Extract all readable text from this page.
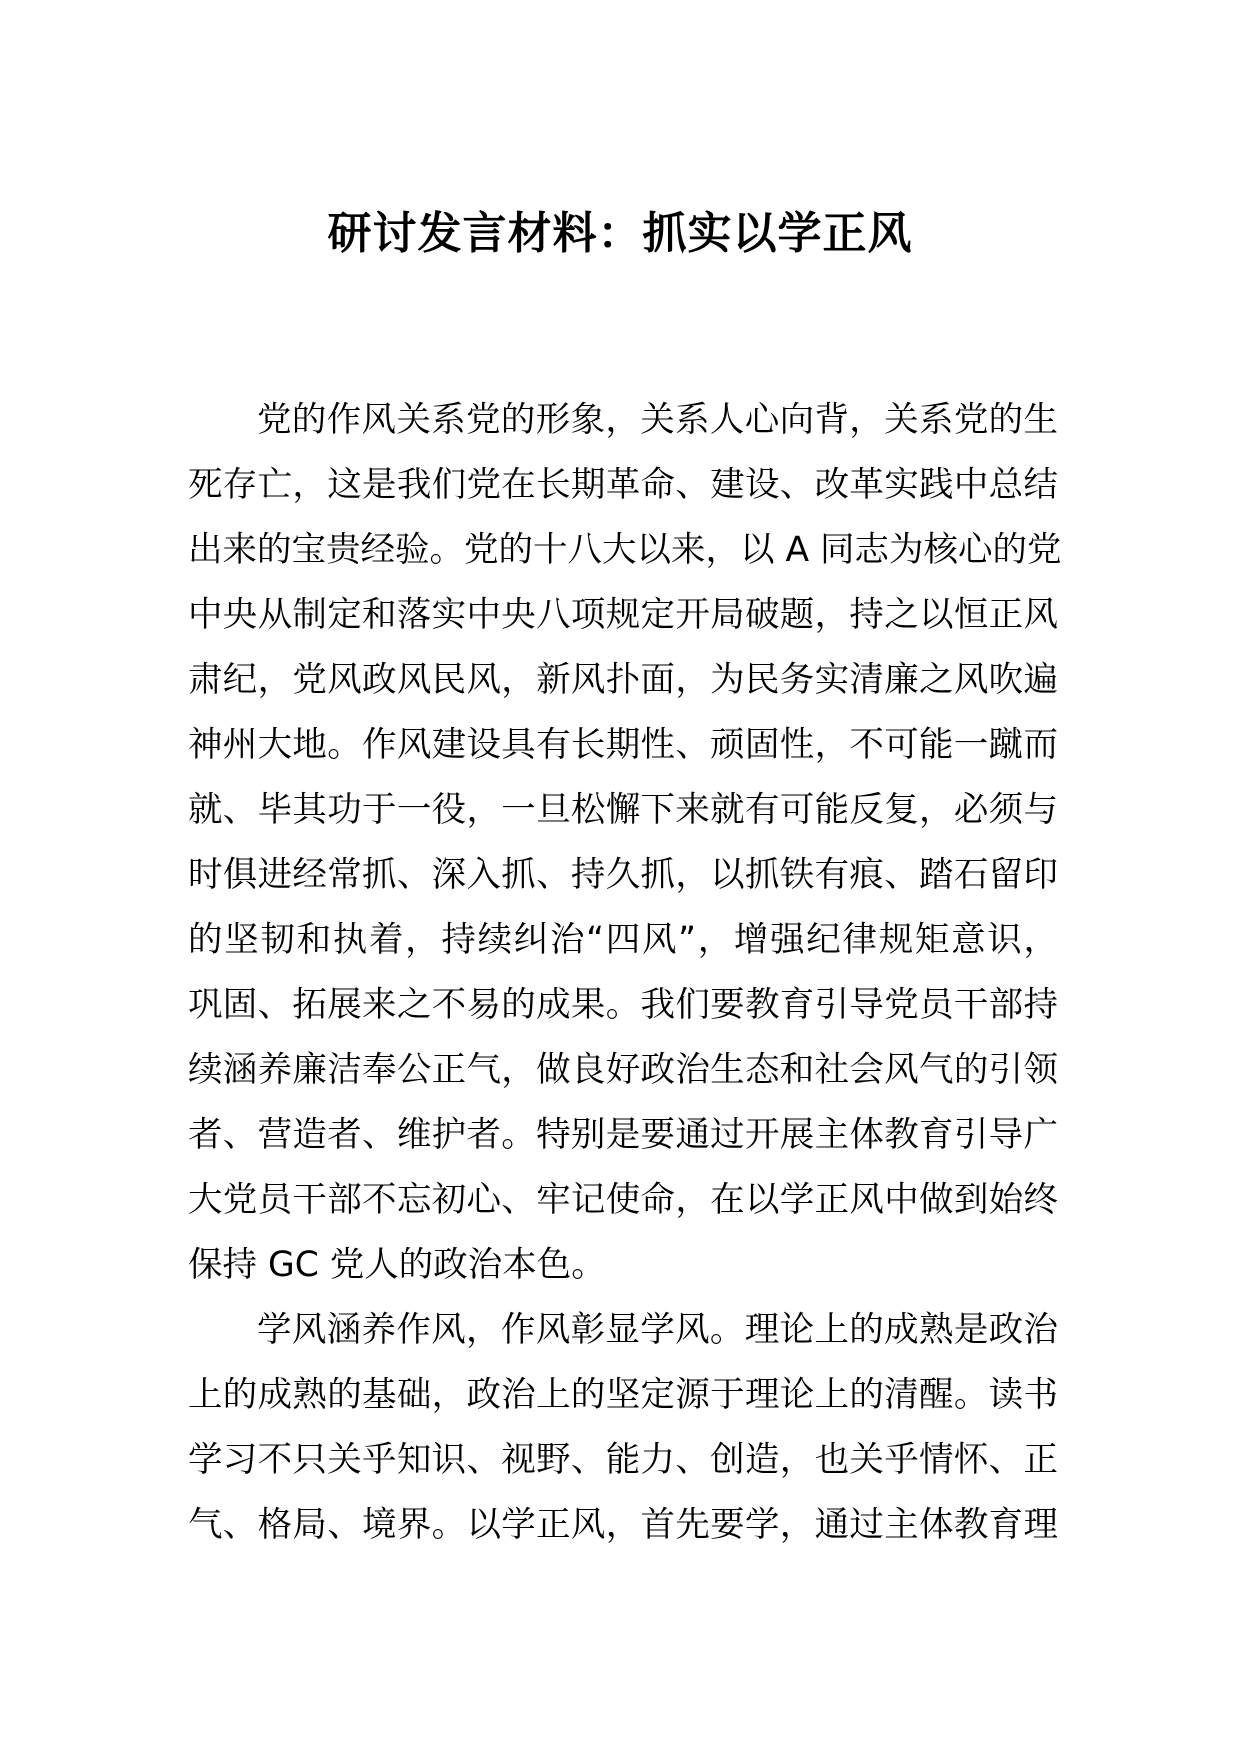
研讨发言材料：抓实以学正风

党的作风关系党的形象，关系人心向背，关系党的生
死存亡，这是我们党在长期革命、建设、改革实践中总结
出来的宝贵经验。党的十八大以来，以 A 同志为核心的党
中央从制定和落实中央八项规定开局破题，持之以恒正风
肃纪，党风政风民风，新风扑面，为民务实清廉之风吹遍
神州大地。作风建设具有长期性、顽固性，不可能一蹴而
就、毕其功于一役，一旦松懈下来就有可能反复，必须与
时俱进经常抓、深入抓、持久抓，以抓铁有痕、踏石留印
的坚韧和执着，持续纠治“四风”，增强纪律规矩意识，
巩固、拓展来之不易的成果。我们要教育引导党员干部持
续涵养廉洁奉公正气，做良好政治生态和社会风气的引领
者、营造者、维护者。特别是要通过开展主体教育引导广
大党员干部不忘初心、牢记使命，在以学正风中做到始终
保持 GC 党人的政治本色。

学风涵养作风，作风彰显学风。理论上的成熟是政治
上的成熟的基础，政治上的坚定源于理论上的清醒。读书
学习不只关乎知识、视野、能力、创造，也关乎情怀、正
气、格局、境界。以学正风，首先要学，通过主体教育理
